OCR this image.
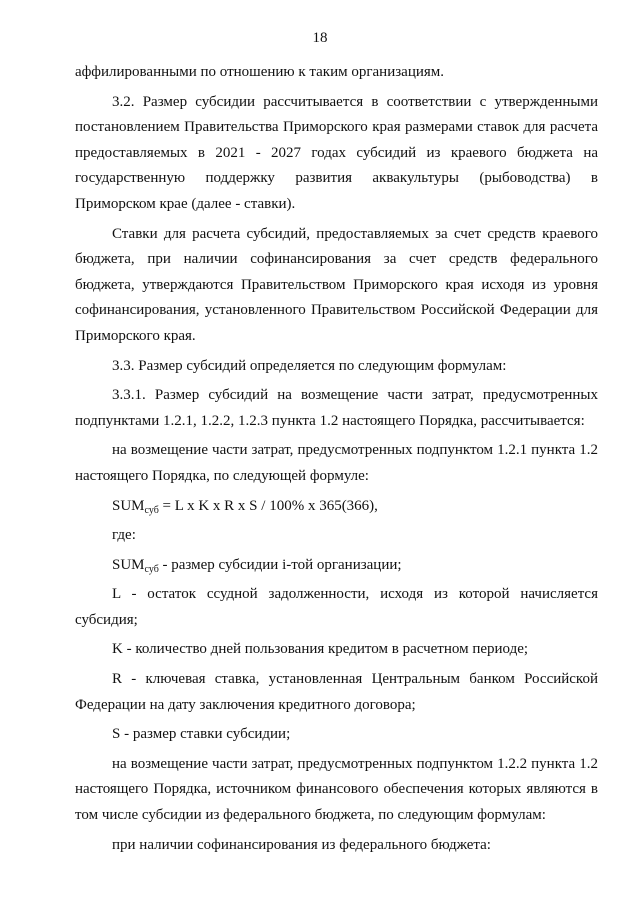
18

аффилированными по отношению к таким организациям.

3.2. Размер субсидии рассчитывается в соответствии с утвержденными постановлением Правительства Приморского края размерами ставок для расчета предоставляемых в 2021 - 2027 годах субсидий из краевого бюджета на государственную поддержку развития аквакультуры (рыбоводства) в Приморском крае (далее - ставки).

Ставки для расчета субсидий, предоставляемых за счет средств краевого бюджета, при наличии софинансирования за счет средств федерального бюджета, утверждаются Правительством Приморского края исходя из уровня софинансирования, установленного Правительством Российской Федерации для Приморского края.

3.3. Размер субсидий определяется по следующим формулам:

3.3.1. Размер субсидий на возмещение части затрат, предусмотренных подпунктами 1.2.1, 1.2.2, 1.2.3 пункта 1.2 настоящего Порядка, рассчитывается:

на возмещение части затрат, предусмотренных подпунктом 1.2.1 пункта 1.2 настоящего Порядка, по следующей формуле:

$SUM_{суб} = L$ x K x R x S / 100% x 365(366),

где:

$SUM_{суб}$ - размер субсидии i-той организации;

L - остаток ссудной задолженности, исходя из которой начисляется субсидия;

K - количество дней пользования кредитом в расчетном периоде;

R - ключевая ставка, установленная Центральным банком Российской Федерации на дату заключения кредитного договора;

S - размер ставки субсидии;

на возмещение части затрат, предусмотренных подпунктом 1.2.2 пункта 1.2 настоящего Порядка, источником финансового обеспечения которых являются в том числе субсидии из федерального бюджета, по следующим формулам:

при наличии софинансирования из федерального бюджета:
